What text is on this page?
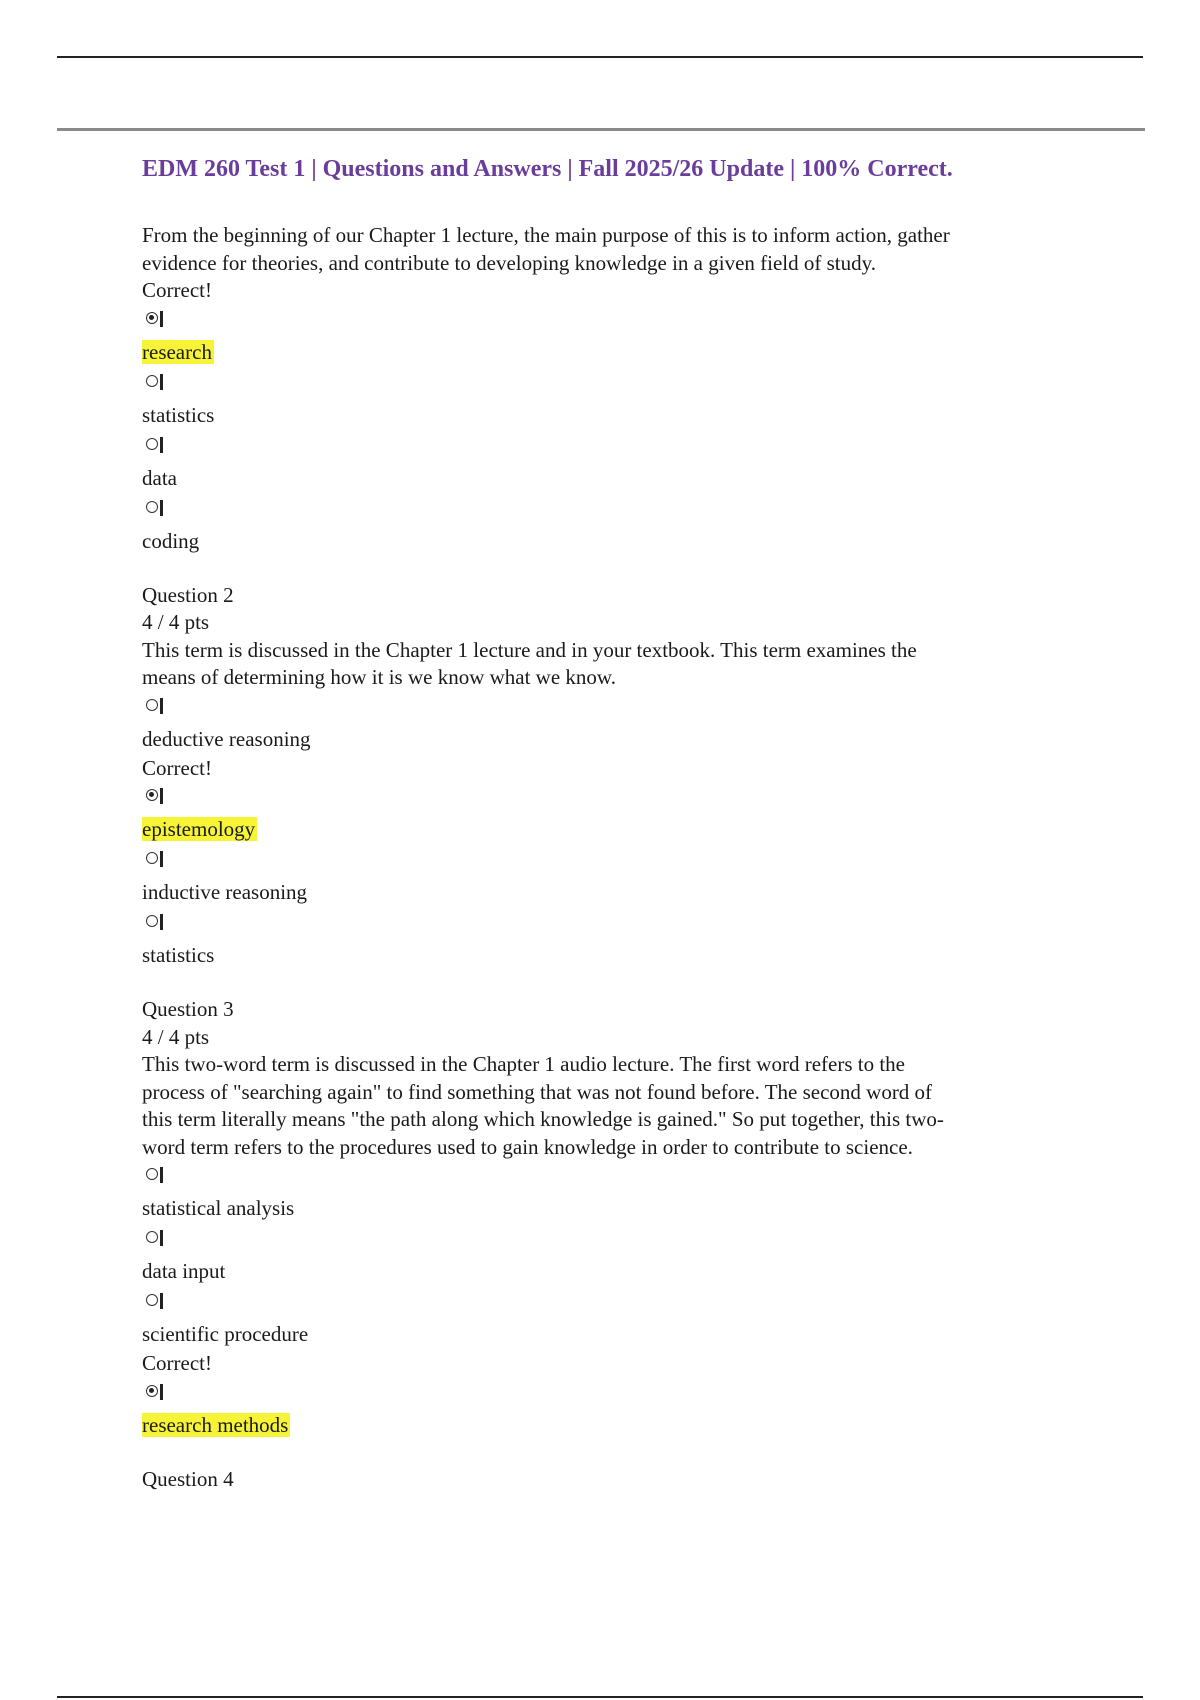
EDM 260 Test 1 | Questions and Answers | Fall 2025/26 Update | 100% Correct.
From the beginning of our Chapter 1 lecture, the main purpose of this is to inform action, gather
evidence for theories, and contribute to developing knowledge in a given field of study.
Correct!
research
statistics
data
coding
Question 2
4 / 4 pts
This term is discussed in the Chapter 1 lecture and in your textbook. This term examines the
means of determining how it is we know what we know.
deductive reasoning
Correct!
epistemology
inductive reasoning
statistics
Question 3
4 / 4 pts
This two-word term is discussed in the Chapter 1 audio lecture. The first word refers to the
process of "searching again" to find something that was not found before. The second word of
this term literally means "the path along which knowledge is gained." So put together, this two-
word term refers to the procedures used to gain knowledge in order to contribute to science.
statistical analysis
data input
scientific procedure
Correct!
research methods
Question 4
